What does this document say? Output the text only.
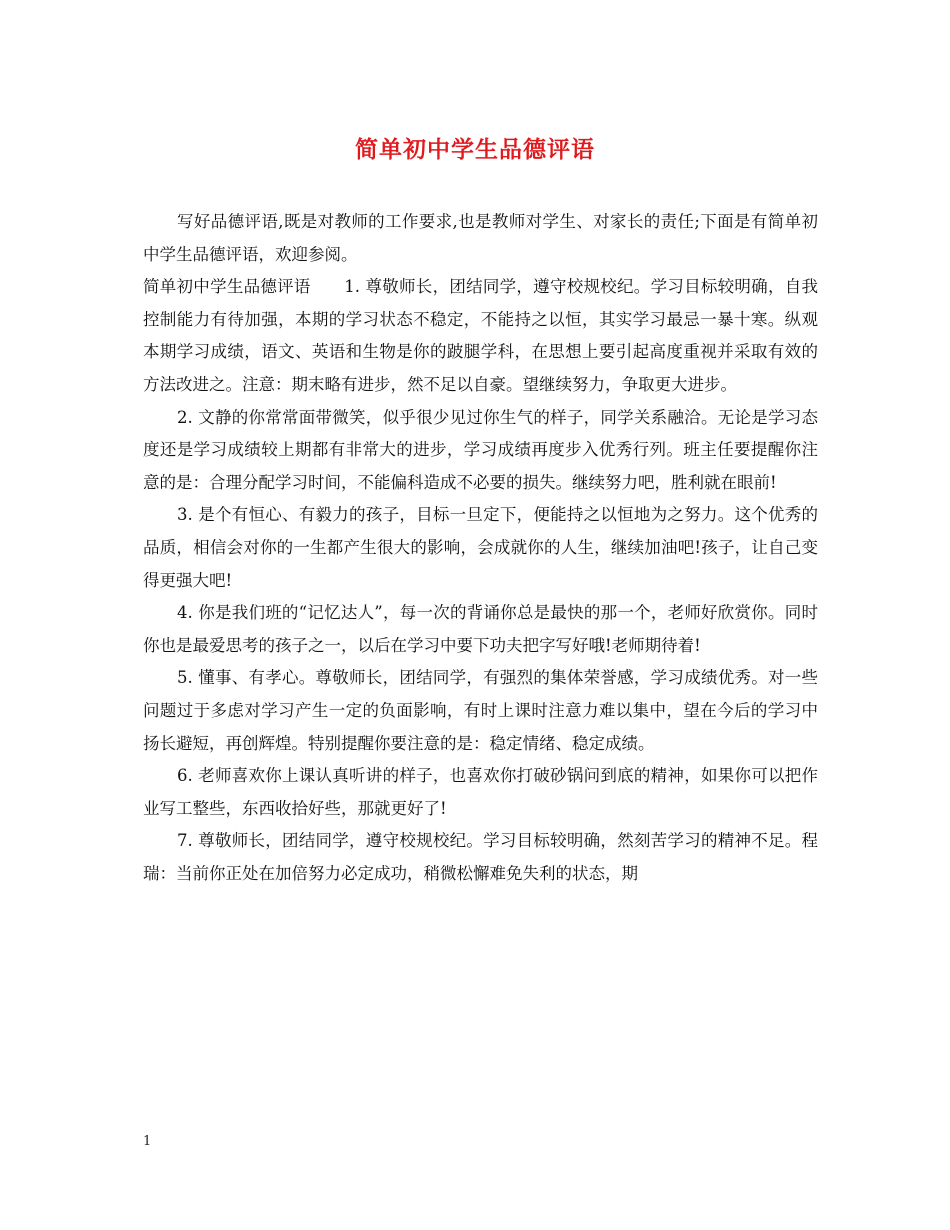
简单初中学生品德评语

写好品德评语,既是对教师的工作要求,也是教师对学生、对家长的责任;下面是有简单初中学生品德评语，欢迎参阅。

简单初中学生品德评语　　1. 尊敬师长，团结同学，遵守校规校纪。学习目标较明确，自我控制能力有待加强，本期的学习状态不稳定，不能持之以恒，其实学习最忌一暴十寒。纵观本期学习成绩，语文、英语和生物是你的跛腿学科，在思想上要引起高度重视并采取有效的方法改进之。注意：期末略有进步，然不足以自豪。望继续努力，争取更大进步。

2. 文静的你常常面带微笑，似乎很少见过你生气的样子，同学关系融洽。无论是学习态度还是学习成绩较上期都有非常大的进步，学习成绩再度步入优秀行列。班主任要提醒你注意的是：合理分配学习时间，不能偏科造成不必要的损失。继续努力吧，胜利就在眼前!

3. 是个有恒心、有毅力的孩子，目标一旦定下，便能持之以恒地为之努力。这个优秀的品质，相信会对你的一生都产生很大的影响，会成就你的人生，继续加油吧!孩子，让自己变得更强大吧!

4. 你是我们班的“记忆达人”，每一次的背诵你总是最快的那一个，老师好欣赏你。同时你也是最爱思考的孩子之一，以后在学习中要下功夫把字写好哦!老师期待着!

5. 懂事、有孝心。尊敬师长，团结同学，有强烈的集体荣誉感，学习成绩优秀。对一些问题过于多虑对学习产生一定的负面影响，有时上课时注意力难以集中，望在今后的学习中扬长避短，再创辉煌。特别提醒你要注意的是：稳定情绪、稳定成绩。

6. 老师喜欢你上课认真听讲的样子，也喜欢你打破砂锅问到底的精神，如果你可以把作业写工整些，东西收拾好些，那就更好了!

7. 尊敬师长，团结同学，遵守校规校纪。学习目标较明确，然刻苦学习的精神不足。程瑞：当前你正处在加倍努力必定成功，稍微松懈难免失利的状态，期

1
